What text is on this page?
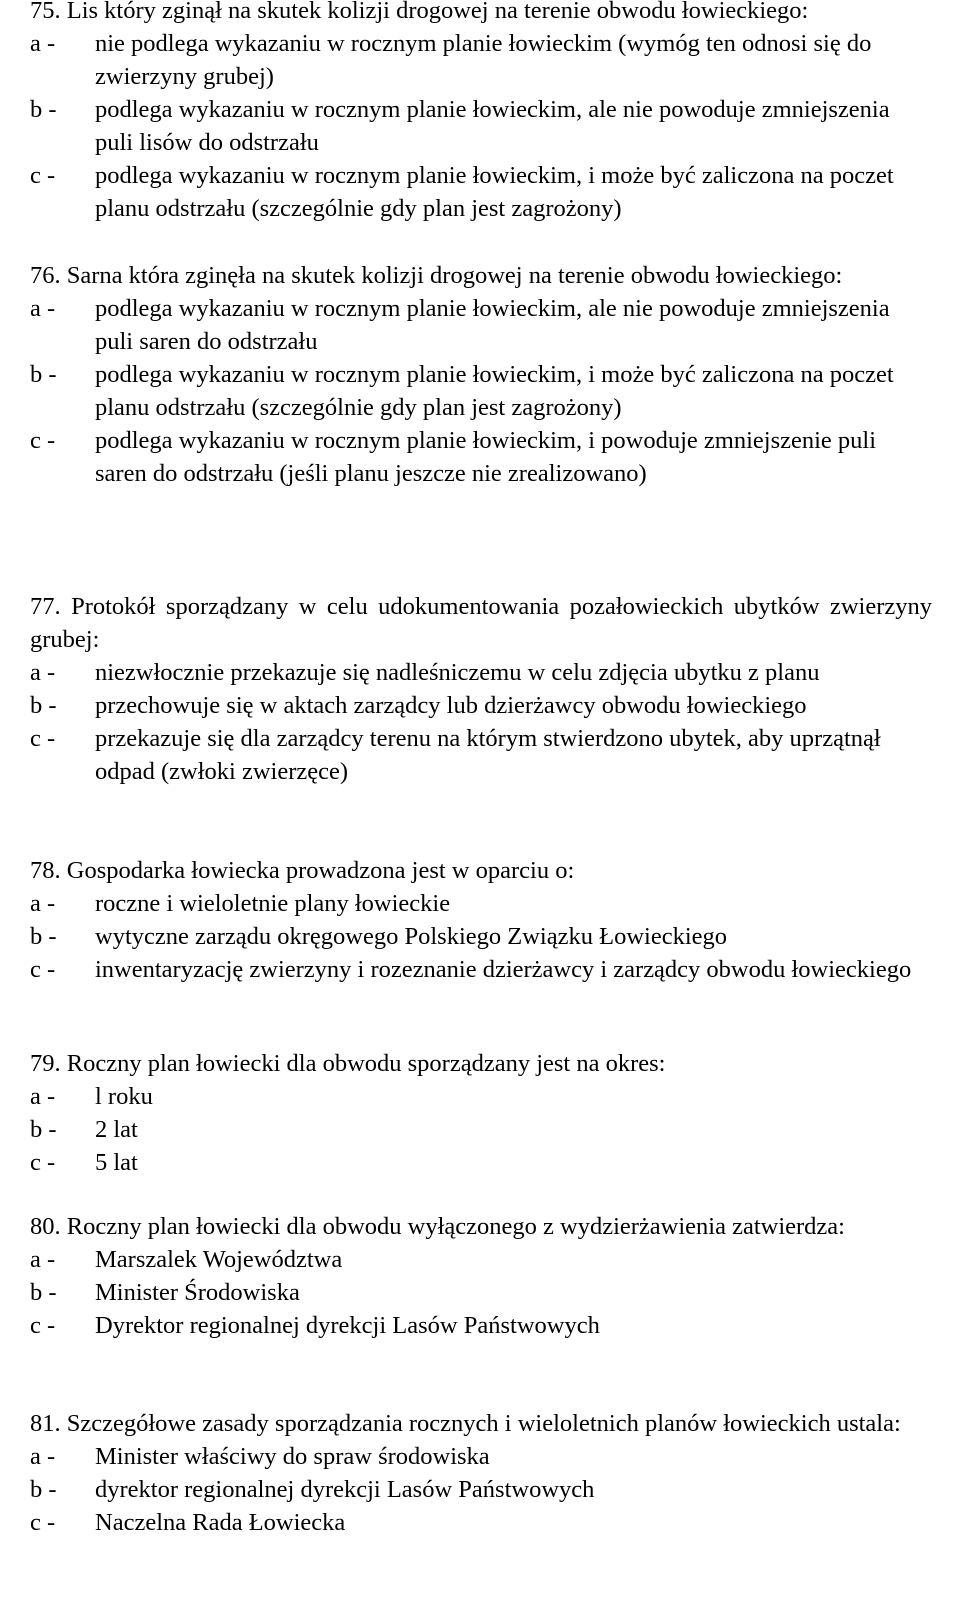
75. Lis który zginął na skutek kolizji drogowej na terenie obwodu łowieckiego:

a -	nie podlega wykazaniu w rocznym planie łowieckim (wymóg ten odnosi się do zwierzyny grubej)
b -	podlega wykazaniu w rocznym planie łowieckim, ale nie powoduje zmniejszenia puli lisów do odstrzału
c -	podlega wykazaniu w rocznym planie łowieckim, i może być zaliczona na poczet planu odstrzału (szczególnie gdy plan jest zagrożony)

76. Sarna która zginęła na skutek kolizji drogowej na terenie obwodu łowieckiego:

a -	podlega wykazaniu w rocznym planie łowieckim, ale nie powoduje zmniejszenia puli saren do odstrzału
b -	podlega wykazaniu w rocznym planie łowieckim, i może być zaliczona na poczet planu odstrzału (szczególnie gdy plan jest zagrożony)
c -	podlega wykazaniu w rocznym planie łowieckim, i powoduje zmniejszenie puli saren do odstrzału (jeśli planu jeszcze nie zrealizowano)

77. Protokół sporządzany w celu udokumentowania pozałowieckich ubytków zwierzyny grubej:

a -	niezwłocznie przekazuje się nadleśniczemu w celu zdjęcia ubytku z planu
b -	przechowuje się w aktach zarządcy lub dzierżawcy obwodu łowieckiego
c -	przekazuje się dla zarządcy terenu na którym stwierdzono ubytek, aby uprzątnął odpad (zwłoki zwierzęce)

78. Gospodarka łowiecka prowadzona jest w oparciu o:

a -	roczne i wieloletnie plany łowieckie
b -	wytyczne zarządu okręgowego Polskiego Związku Łowieckiego
c -	inwentaryzację zwierzyny i rozeznanie dzierżawcy i zarządcy obwodu łowieckiego

79. Roczny plan łowiecki dla obwodu sporządzany jest na okres:

a -	l roku
b -	2 lat
c -	5 lat

80. Roczny plan łowiecki dla obwodu wyłączonego z wydzierżawienia zatwierdza:

a -	Marszalek Województwa
b -	Minister Środowiska
c -	Dyrektor regionalnej dyrekcji Lasów Państwowych

81. Szczegółowe zasady sporządzania rocznych i wieloletnich planów łowieckich ustala:

a -	Minister właściwy do spraw środowiska
b -	dyrektor regionalnej dyrekcji Lasów Państwowych
c -	Naczelna Rada Łowiecka
